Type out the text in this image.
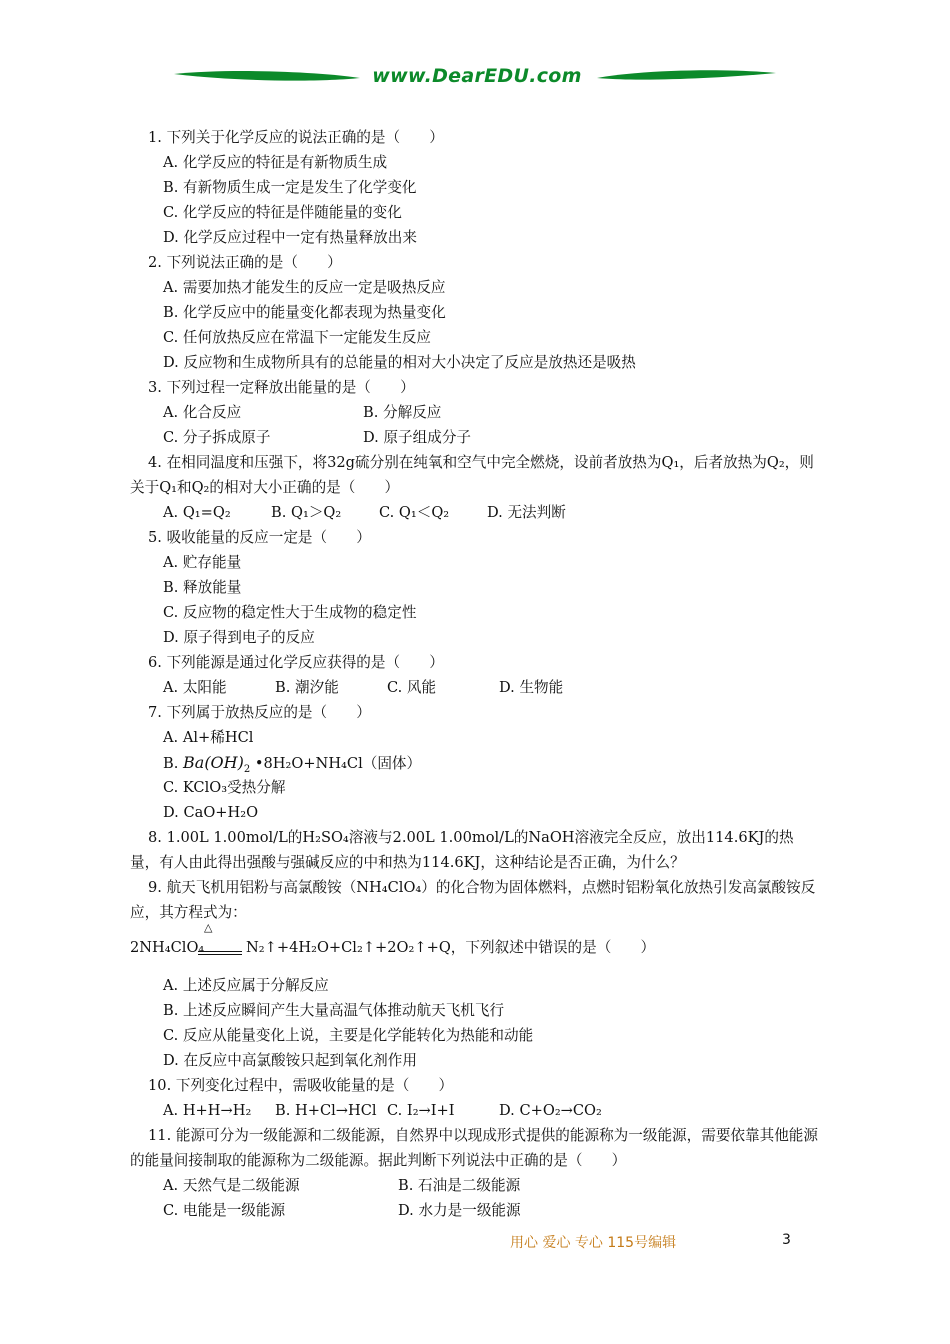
www.DearEDU.com
1. 下列关于化学反应的说法正确的是（　　）
A. 化学反应的特征是有新物质生成
B. 有新物质生成一定是发生了化学变化
C. 化学反应的特征是伴随能量的变化
D. 化学反应过程中一定有热量释放出来
2. 下列说法正确的是（　　）
A. 需要加热才能发生的反应一定是吸热反应
B. 化学反应中的能量变化都表现为热量变化
C. 任何放热反应在常温下一定能发生反应
D. 反应物和生成物所具有的总能量的相对大小决定了反应是放热还是吸热
3. 下列过程一定释放出能量的是（　　）
A. 化合反应	B. 分解反应
C. 分子拆成原子	D. 原子组成分子
4. 在相同温度和压强下，将32g硫分别在纯氧和空气中完全燃烧，设前者放热为Q₁，后者放热为Q₂，则关于Q₁和Q₂的相对大小正确的是（　　）
A. Q₁=Q₂	B. Q₁＞Q₂	C. Q₁＜Q₂	D. 无法判断
5. 吸收能量的反应一定是（　　）
A. 贮存能量
B. 释放能量
C. 反应物的稳定性大于生成物的稳定性
D. 原子得到电子的反应
6. 下列能源是通过化学反应获得的是（　　）
A. 太阳能	B. 潮汐能	C. 风能	D. 生物能
7. 下列属于放热反应的是（　　）
A. Al+稀HCl
B. $Ba(OH)_2$ •8H₂O+NH₄Cl（固体）
C. KClO₃受热分解
D. CaO+H₂O
8. 1.00L 1.00mol/L的H₂SO₄溶液与2.00L 1.00mol/L的NaOH溶液完全反应，放出114.6KJ的热量，有人由此得出强酸与强碱反应的中和热为114.6KJ，这种结论是否正确，为什么？
9. 航天飞机用铝粉与高氯酸铵（NH₄ClO₄）的化合物为固体燃料，点燃时铝粉氧化放热引发高氯酸铵反应，其方程式为：
2NH₄ClO₄
△
N₂↑+4H₂O+Cl₂↑+2O₂↑+Q，下列叙述中错误的是（　　）
A. 上述反应属于分解反应
B. 上述反应瞬间产生大量高温气体推动航天飞机飞行
C. 反应从能量变化上说，主要是化学能转化为热能和动能
D. 在反应中高氯酸铵只起到氧化剂作用
10. 下列变化过程中，需吸收能量的是（　　）
A. H+H→H₂ B. H+Cl→HCl C. I₂→I+I	D. C+O₂→CO₂
11. 能源可分为一级能源和二级能源，自然界中以现成形式提供的能源称为一级能源，需要依靠其他能源的能量间接制取的能源称为二级能源。据此判断下列说法中正确的是（　　）
A. 天然气是二级能源	B. 石油是二级能源
C. 电能是一级能源	D. 水力是一级能源
用心 爱心 专心 115号编辑	3
